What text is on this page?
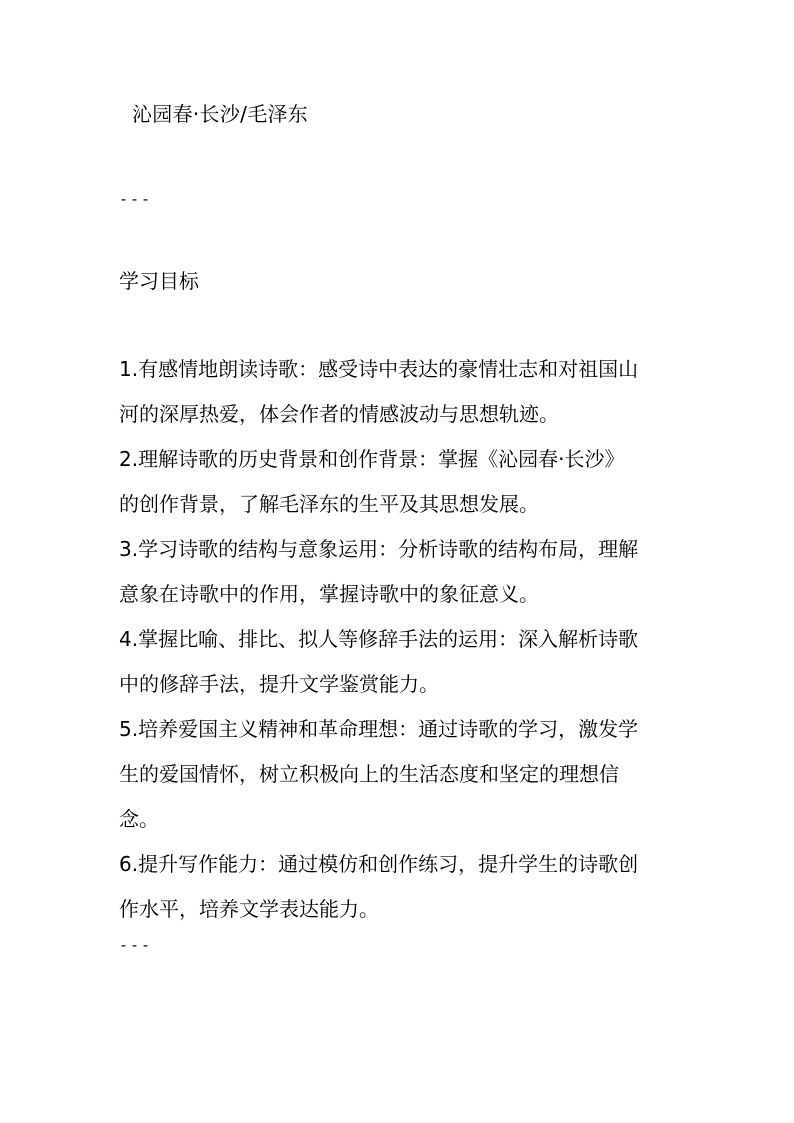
沁园春·长沙/毛泽东
---
学习目标
1.有感情地朗读诗歌：感受诗中表达的豪情壮志和对祖国山
河的深厚热爱，体会作者的情感波动与思想轨迹。
2.理解诗歌的历史背景和创作背景：掌握《沁园春·长沙》
的创作背景，了解毛泽东的生平及其思想发展。
3.学习诗歌的结构与意象运用：分析诗歌的结构布局，理解
意象在诗歌中的作用，掌握诗歌中的象征意义。
4.掌握比喻、排比、拟人等修辞手法的运用：深入解析诗歌
中的修辞手法，提升文学鉴赏能力。
5.培养爱国主义精神和革命理想：通过诗歌的学习，激发学
生的爱国情怀，树立积极向上的生活态度和坚定的理想信
念。
6.提升写作能力：通过模仿和创作练习，提升学生的诗歌创
作水平，培养文学表达能力。
---
